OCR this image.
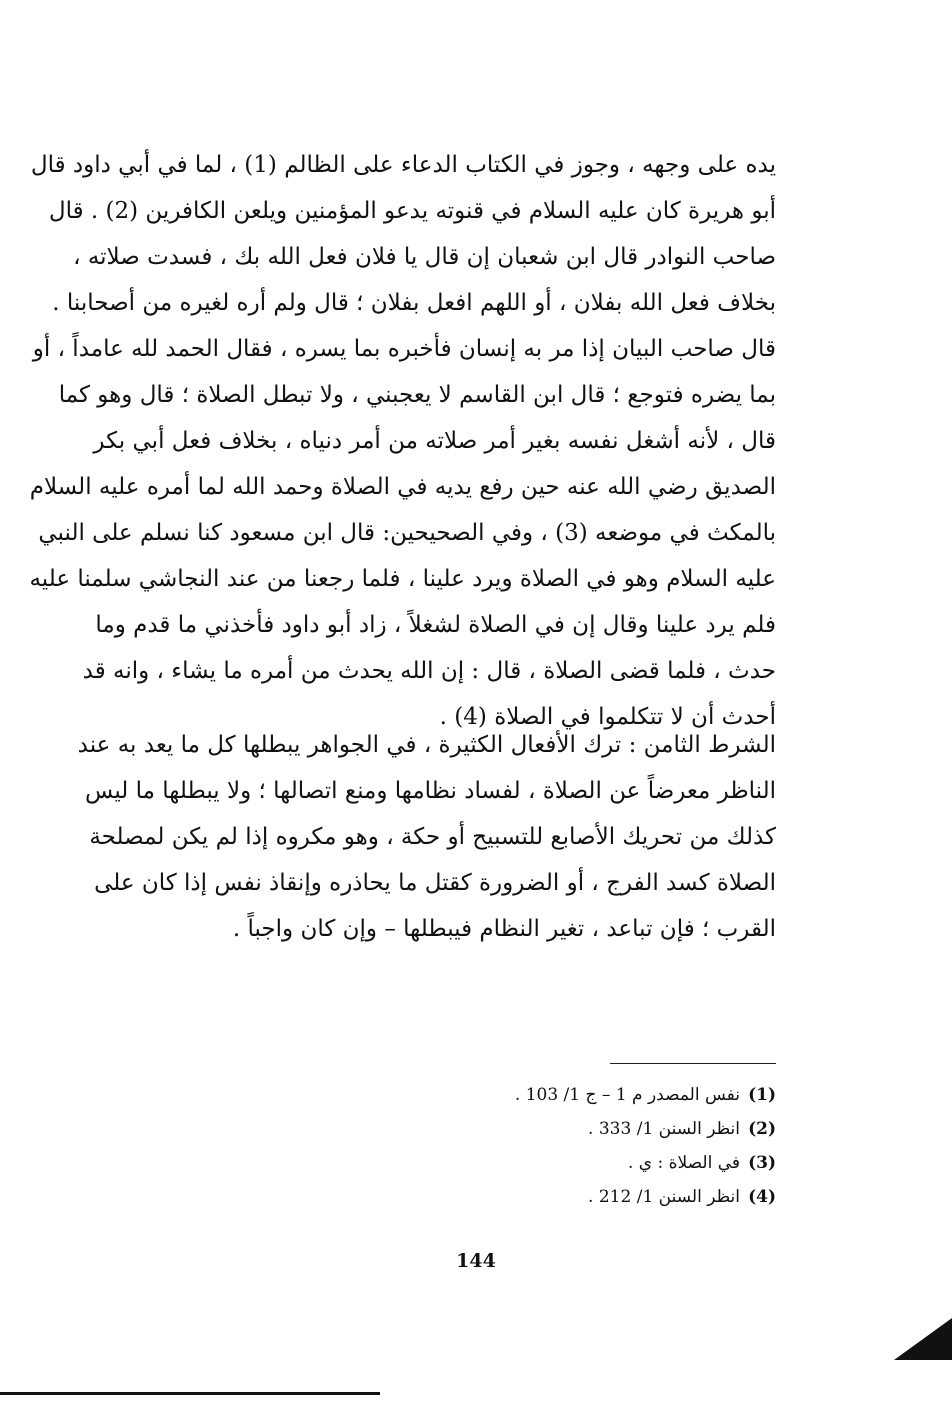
يده على وجهه ، وجوز في الكتاب الدعاء على الظالم (1) ، لما في أبي داود قال
أبو هريرة كان عليه السلام في قنوته يدعو المؤمنين ويلعن الكافرين (2) . قال
صاحب النوادر قال ابن شعبان إن قال يا فلان فعل الله بك ، فسدت صلاته ،
بخلاف فعل الله بفلان ، أو اللهم افعل بفلان ؛ قال ولم أره لغيره من أصحابنا .
قال صاحب البيان إذا مر به إنسان فأخبره بما يسره ، فقال الحمد لله عامداً ، أو
بما يضره فتوجع ؛ قال ابن القاسم لا يعجبني ، ولا تبطل الصلاة ؛ قال وهو كما
قال ، لأنه أشغل نفسه بغير أمر صلاته من أمر دنياه ، بخلاف فعل أبي بكر
الصديق رضي الله عنه حين رفع يديه في الصلاة وحمد الله لما أمره عليه السلام
بالمكث في موضعه (3) ، وفي الصحيحين: قال ابن مسعود كنا نسلم على النبي
عليه السلام وهو في الصلاة ويرد علينا ، فلما رجعنا من عند النجاشي سلمنا عليه
فلم يرد علينا وقال إن في الصلاة لشغلاً ، زاد أبو داود فأخذني ما قدم وما
حدث ، فلما قضى الصلاة ، قال : إن الله يحدث من أمره ما يشاء ، وانه قد
أحدث أن لا تتكلموا في الصلاة (4) .
الشرط الثامن : ترك الأفعال الكثيرة ، في الجواهر يبطلها كل ما يعد به عند
الناظر معرضاً عن الصلاة ، لفساد نظامها ومنع اتصالها ؛ ولا يبطلها ما ليس
كذلك من تحريك الأصابع للتسبيح أو حكة ، وهو مكروه إذا لم يكن لمصلحة
الصلاة كسد الفرج ، أو الضرورة كقتل ما يحاذره وإنقاذ نفس إذا كان على
القرب ؛ فإن تباعد ، تغير النظام فيبطلها – وإن كان واجباً .
(1)نفس المصدر م 1 – ج 1/ 103 .
(2)انظر السنن 1/ 333 .
(3)في الصلاة : ي .
(4)انظر السنن 1/ 212 .
144
